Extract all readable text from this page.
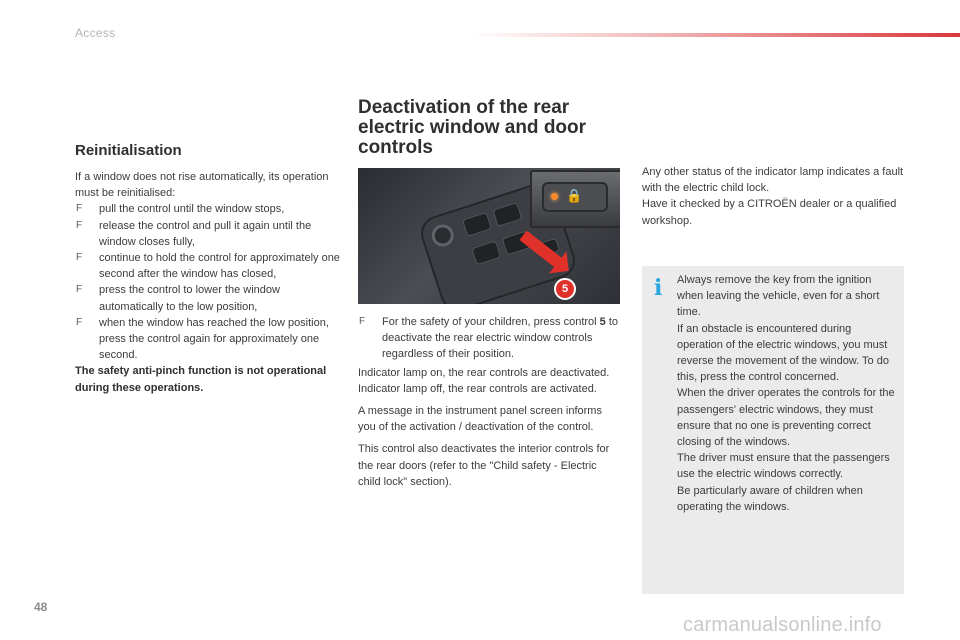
Access
Reinitialisation

If a window does not rise automatically, its operation must be reinitialised:

F pull the control until the window stops,
F release the control and pull it again until the window closes fully,
F continue to hold the control for approximately one second after the window has closed,
F press the control to lower the window automatically to the low position,
F when the window has reached the low position, press the control again for approximately one second.

The safety anti-pinch function is not operational during these operations.

Deactivation of the rear electric window and door controls
🔒
5
F For the safety of your children, press control 5 to deactivate the rear electric window controls regardless of their position.

Indicator lamp on, the rear controls are deactivated.

Indicator lamp off, the rear controls are activated.

A message in the instrument panel screen informs you of the activation / deactivation of the control.

This control also deactivates the interior controls for the rear doors (refer to the "Child safety - Electric child lock" section).

Any other status of the indicator lamp indicates a fault with the electric child lock.

Have it checked by a CITROËN dealer or a qualified workshop.

i Always remove the key from the ignition when leaving the vehicle, even for a short time.
If an obstacle is encountered during operation of the electric windows, you must reverse the movement of the window. To do this, press the control concerned.
When the driver operates the controls for the passengers' electric windows, they must ensure that no one is preventing correct closing of the windows.
The driver must ensure that the passengers use the electric windows correctly.
Be particularly aware of children when operating the windows.
48
carmanualsonline.info
